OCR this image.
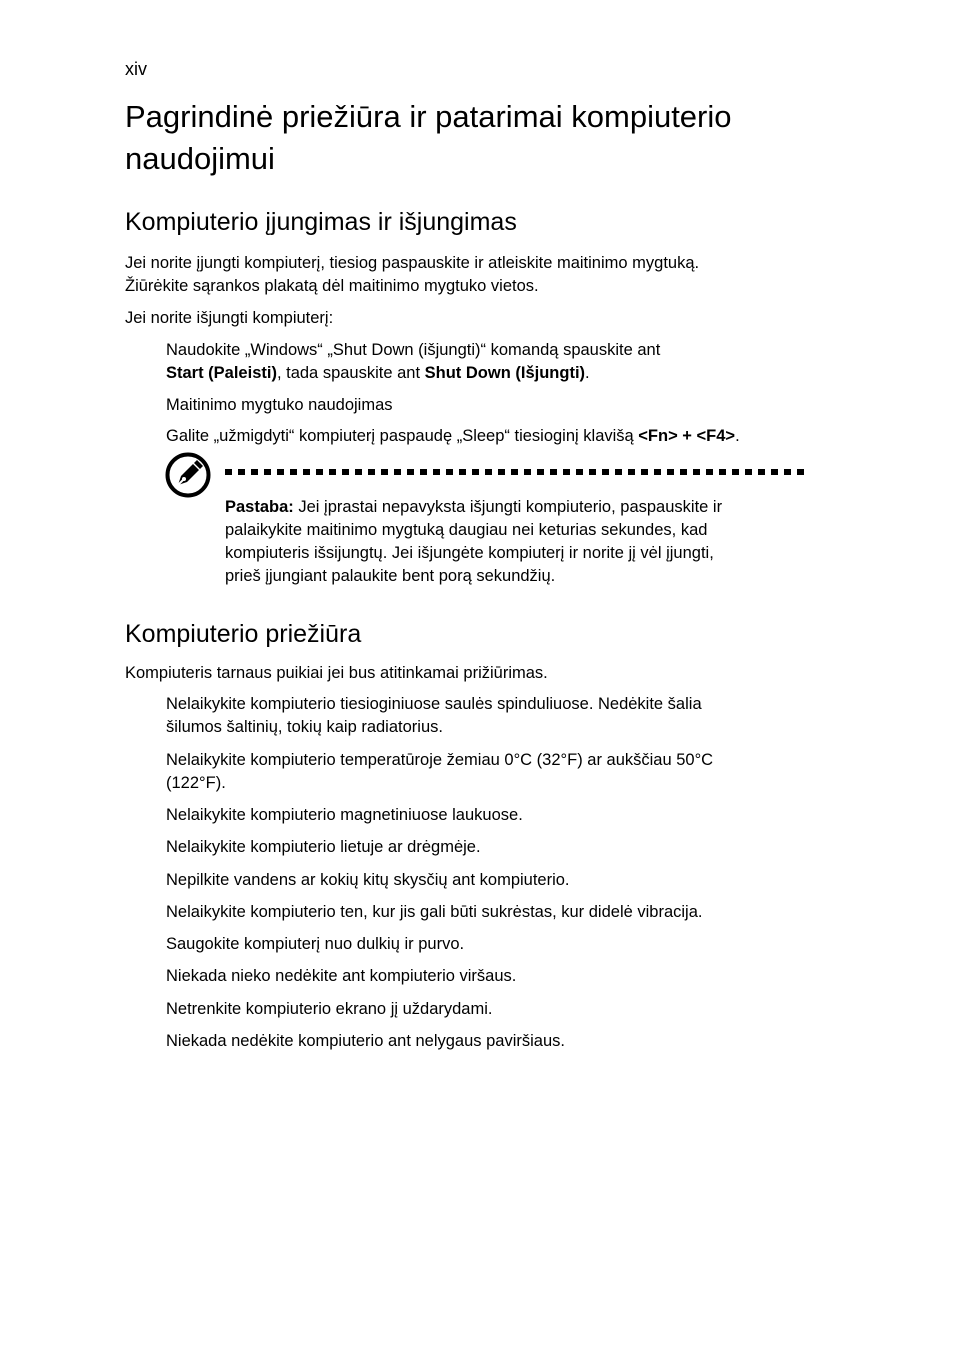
xiv
Pagrindinė priežiūra ir patarimai kompiuterio
naudojimui
Kompiuterio įjungimas ir išjungimas

Jei norite įjungti kompiuterį, tiesiog paspauskite ir atleiskite maitinimo mygtuką.
Žiūrėkite sąrankos plakatą dėl maitinimo mygtuko vietos.

Jei norite išjungti kompiuterį:

Naudokite „Windows“ „Shut Down (išjungti)“ komandą spauskite ant
Start (Paleisti), tada spauskite ant Shut Down (Išjungti).

Maitinimo mygtuko naudojimas

Galite „užmigdyti“ kompiuterį paspaudę „Sleep“ tiesioginį klavišą <Fn> + <F4>.

Pastaba: Jei įprastai nepavyksta išjungti kompiuterio, paspauskite ir
palaikykite maitinimo mygtuką daugiau nei keturias sekundes, kad
kompiuteris išsijungtų. Jei išjungėte kompiuterį ir norite jį vėl įjungti,
prieš įjungiant palaukite bent porą sekundžių.

Kompiuterio priežiūra

Kompiuteris tarnaus puikiai jei bus atitinkamai prižiūrimas.

Nelaikykite kompiuterio tiesioginiuose saulės spinduliuose. Nedėkite šalia
šilumos šaltinių, tokių kaip radiatorius.

Nelaikykite kompiuterio temperatūroje žemiau 0°C (32°F) ar aukščiau 50°C
(122°F).

Nelaikykite kompiuterio magnetiniuose laukuose.

Nelaikykite kompiuterio lietuje ar drėgmėje.

Nepilkite vandens ar kokių kitų skysčių ant kompiuterio.

Nelaikykite kompiuterio ten, kur jis gali būti sukrėstas, kur didelė vibracija.

Saugokite kompiuterį nuo dulkių ir purvo.

Niekada nieko nedėkite ant kompiuterio viršaus.

Netrenkite kompiuterio ekrano jį uždarydami.

Niekada nedėkite kompiuterio ant nelygaus paviršiaus.
